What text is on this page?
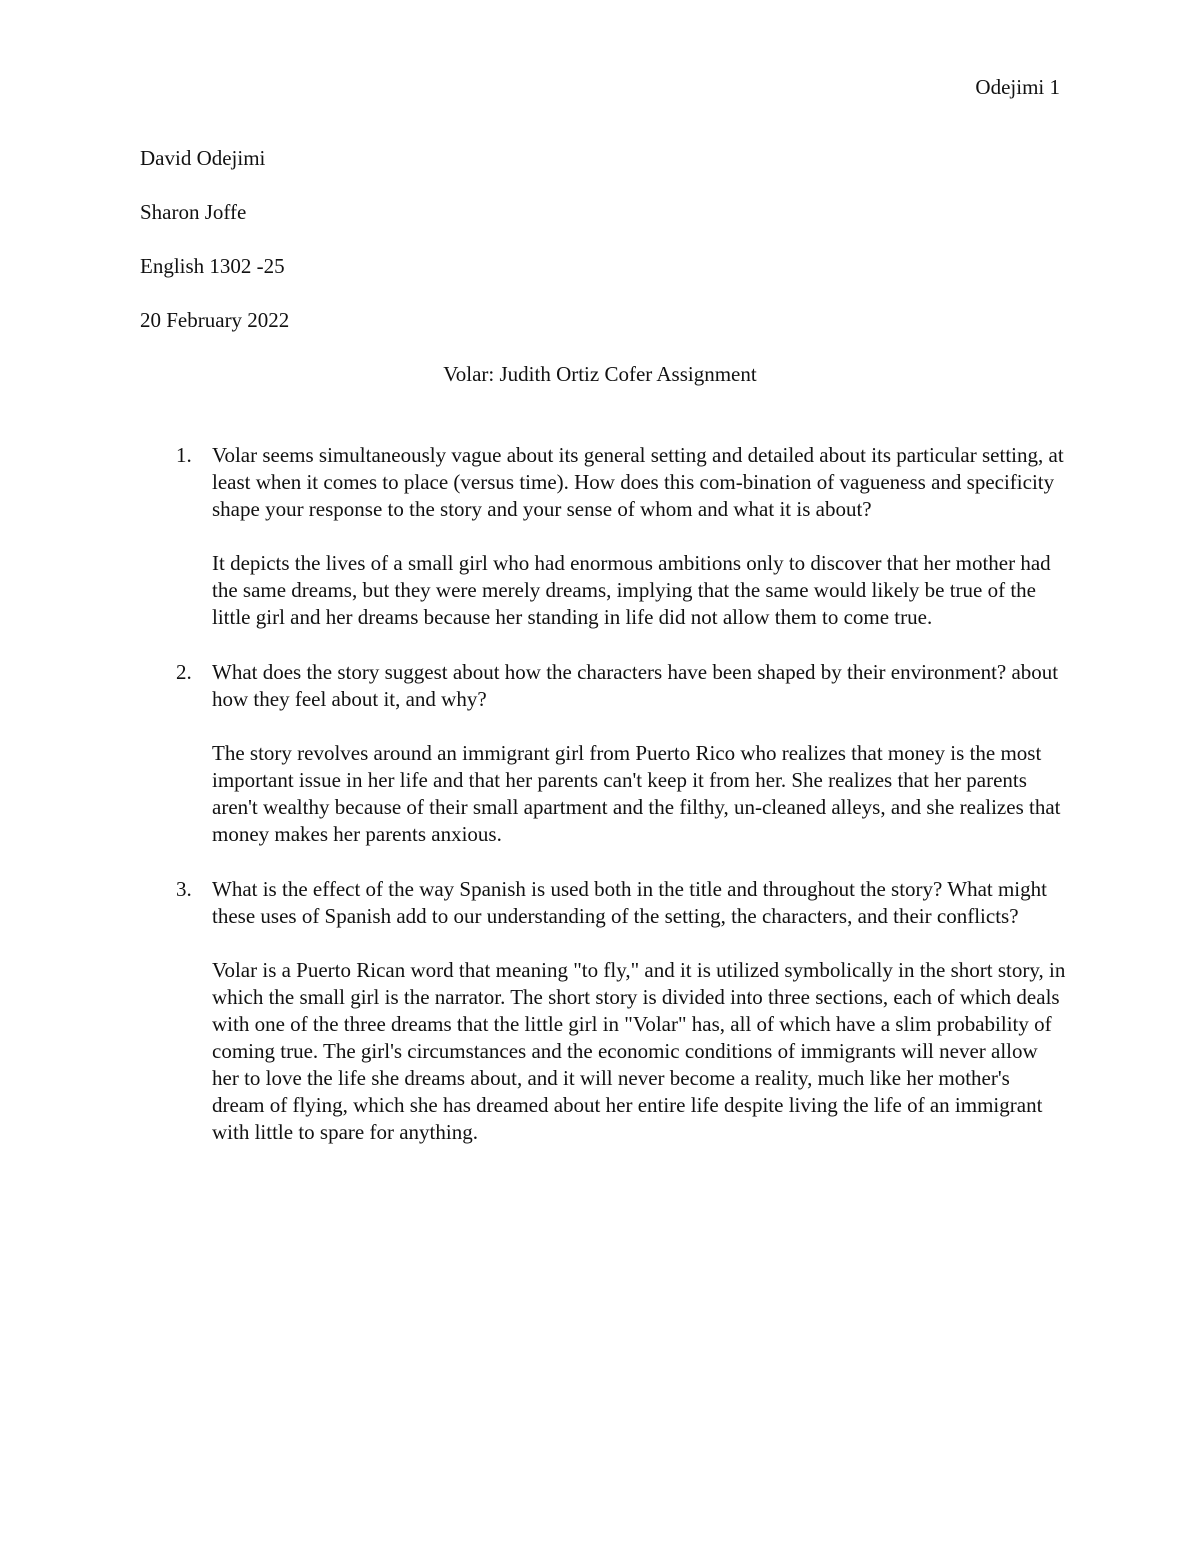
Odejimi 1

David Odejimi

Sharon Joffe

English 1302 -25

20 February 2022

Volar: Judith Ortiz Cofer Assignment

1. Volar seems simultaneously vague about its general setting and detailed about its particular setting, at least when it comes to place (versus time). How does this com-bination of vagueness and specificity shape your response to the story and your sense of whom and what it is about?

It depicts the lives of a small girl who had enormous ambitions only to discover that her mother had the same dreams, but they were merely dreams, implying that the same would likely be true of the little girl and her dreams because her standing in life did not allow them to come true.

2. What does the story suggest about how the characters have been shaped by their environment? about how they feel about it, and why?

The story revolves around an immigrant girl from Puerto Rico who realizes that money is the most important issue in her life and that her parents can't keep it from her. She realizes that her parents aren't wealthy because of their small apartment and the filthy, un-cleaned alleys, and she realizes that money makes her parents anxious.

3. What is the effect of the way Spanish is used both in the title and throughout the story? What might these uses of Spanish add to our understanding of the setting, the characters, and their conflicts?

Volar is a Puerto Rican word that meaning "to fly," and it is utilized symbolically in the short story, in which the small girl is the narrator. The short story is divided into three sections, each of which deals with one of the three dreams that the little girl in "Volar" has, all of which have a slim probability of coming true. The girl's circumstances and the economic conditions of immigrants will never allow her to love the life she dreams about, and it will never become a reality, much like her mother's dream of flying, which she has dreamed about her entire life despite living the life of an immigrant with little to spare for anything.
